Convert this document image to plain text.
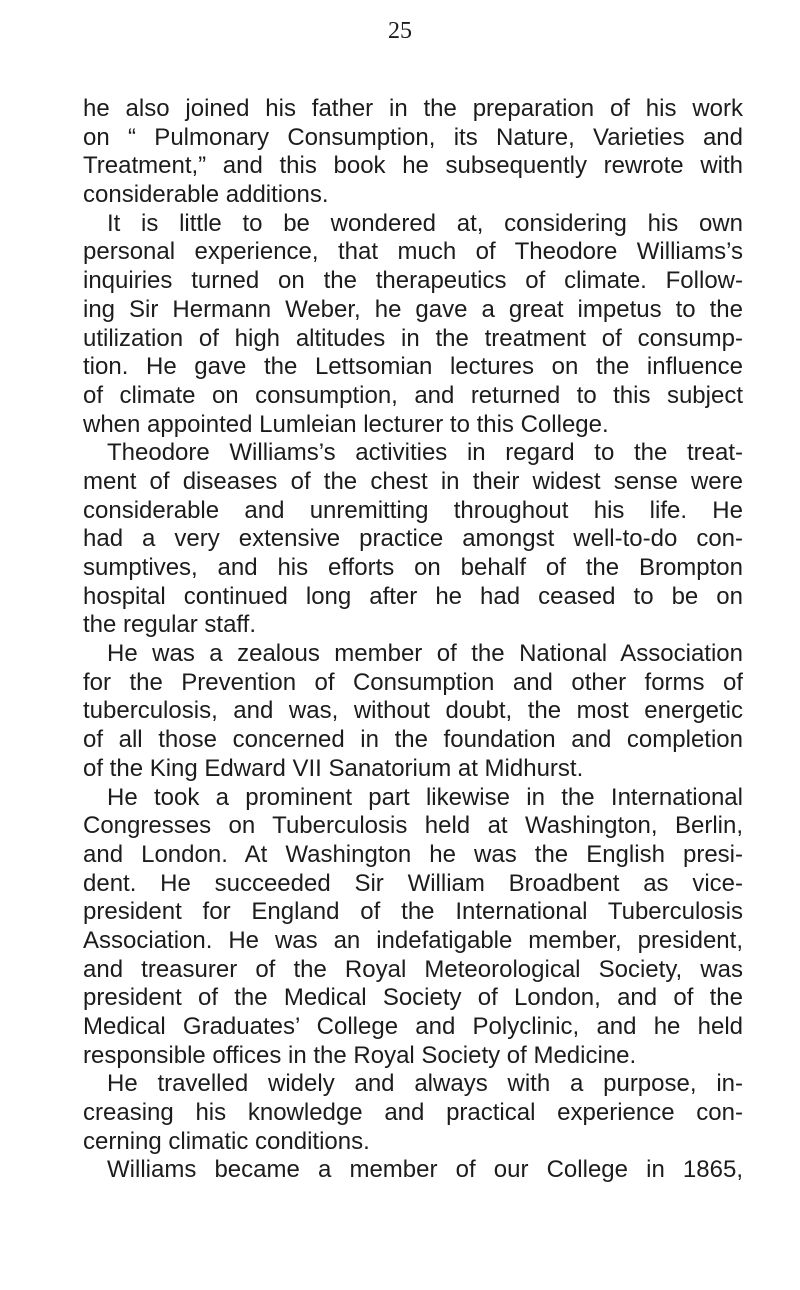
25
he also joined his father in the preparation of his work
on “ Pulmonary Consumption, its Nature, Varieties and
Treatment,” and this book he subsequently rewrote with
considerable additions.
It is little to be wondered at, considering his own
personal experience, that much of Theodore Williams’s
inquiries turned on the therapeutics of climate. Follow-
ing Sir Hermann Weber, he gave a great impetus to the
utilization of high altitudes in the treatment of consump-
tion. He gave the Lettsomian lectures on the influence
of climate on consumption, and returned to this subject
when appointed Lumleian lecturer to this College.
Theodore Williams’s activities in regard to the treat-
ment of diseases of the chest in their widest sense were
considerable and unremitting throughout his life. He
had a very extensive practice amongst well-to-do con-
sumptives, and his efforts on behalf of the Brompton
hospital continued long after he had ceased to be on
the regular staff.
He was a zealous member of the National Association
for the Prevention of Consumption and other forms of
tuberculosis, and was, without doubt, the most energetic
of all those concerned in the foundation and completion
of the King Edward VII Sanatorium at Midhurst.
He took a prominent part likewise in the International
Congresses on Tuberculosis held at Washington, Berlin,
and London. At Washington he was the English presi-
dent. He succeeded Sir William Broadbent as vice-
president for England of the International Tuberculosis
Association. He was an indefatigable member, president,
and treasurer of the Royal Meteorological Society, was
president of the Medical Society of London, and of the
Medical Graduates’ College and Polyclinic, and he held
responsible offices in the Royal Society of Medicine.
He travelled widely and always with a purpose, in-
creasing his knowledge and practical experience con-
cerning climatic conditions.
Williams became a member of our College in 1865,
